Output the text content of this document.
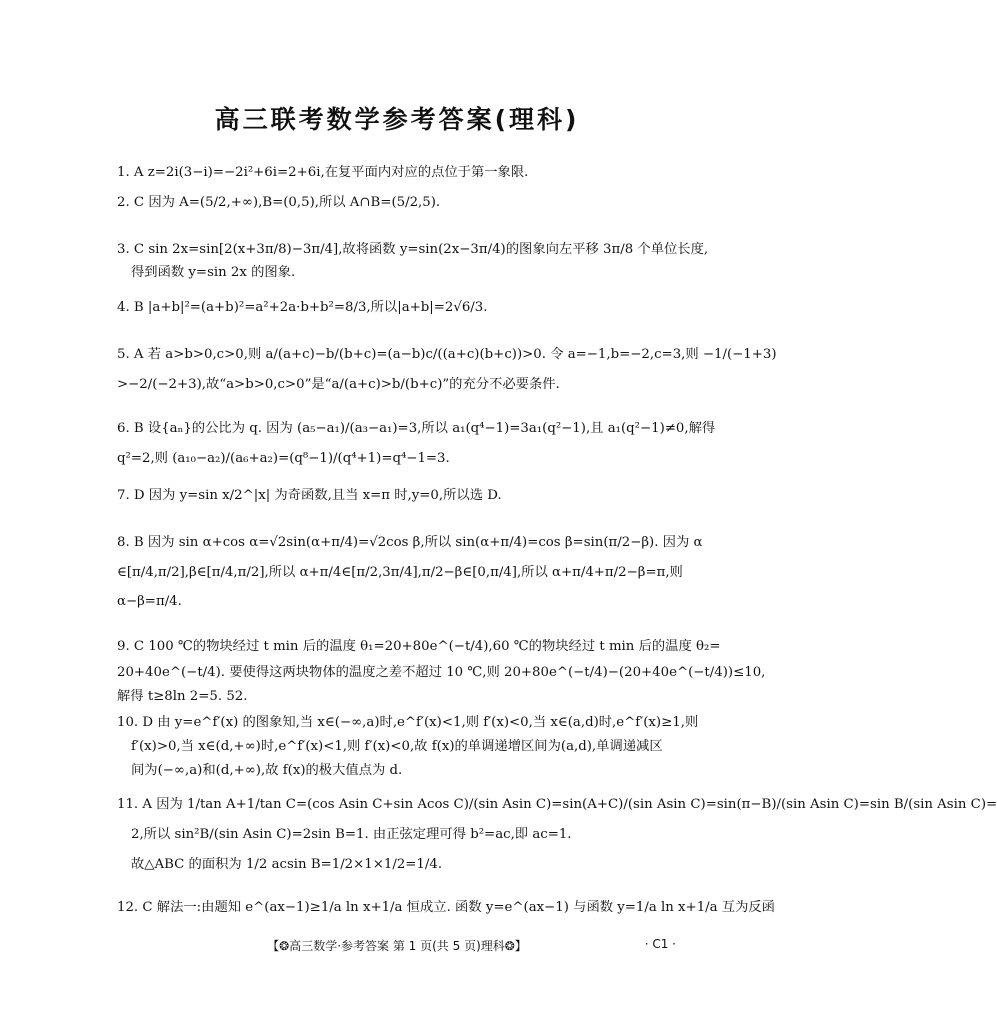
高三联考数学参考答案(理科)
1. A z=2i(3−i)=−2i²+6i=2+6i,在复平面内对应的点位于第一象限.
2. C 因为 A=(5/2,+∞),B=(0,5),所以 A∩B=(5/2,5).
3. C sin 2x=sin[2(x+3π/8)−3π/4],故将函数 y=sin(2x−3π/4)的图象向左平移 3π/8 个单位长度,
得到函数 y=sin 2x 的图象.
4. B |a+b|²=(a+b)²=a²+2a·b+b²=8/3,所以|a+b|=2√6/3.
5. A 若 a>b>0,c>0,则 a/(a+c)−b/(b+c)=(a−b)c/((a+c)(b+c))>0. 令 a=−1,b=−2,c=3,则 −1/(−1+3)
>−2/(−2+3),故“a>b>0,c>0”是“a/(a+c)>b/(b+c)”的充分不必要条件.
6. B 设{aₙ}的公比为 q. 因为 (a₅−a₁)/(a₃−a₁)=3,所以 a₁(q⁴−1)=3a₁(q²−1),且 a₁(q²−1)≠0,解得
q²=2,则 (a₁₀−a₂)/(a₆+a₂)=(q⁸−1)/(q⁴+1)=q⁴−1=3.
7. D 因为 y=sin x/2^|x| 为奇函数,且当 x=π 时,y=0,所以选 D.
8. B 因为 sin α+cos α=√2sin(α+π/4)=√2cos β,所以 sin(α+π/4)=cos β=sin(π/2−β). 因为 α
∈[π/4,π/2],β∈[π/4,π/2],所以 α+π/4∈[π/2,3π/4],π/2−β∈[0,π/4],所以 α+π/4+π/2−β=π,则
α−β=π/4.
9. C 100 ℃的物块经过 t min 后的温度 θ₁=20+80e^(−t/4),60 ℃的物块经过 t min 后的温度 θ₂=
20+40e^(−t/4). 要使得这两块物体的温度之差不超过 10 ℃,则 20+80e^(−t/4)−(20+40e^(−t/4))≤10,
解得 t≥8ln 2=5. 52.
10. D 由 y=e^f′(x) 的图象知,当 x∈(−∞,a)时,e^f′(x)<1,则 f′(x)<0,当 x∈(a,d)时,e^f′(x)≥1,则
f′(x)>0,当 x∈(d,+∞)时,e^f′(x)<1,则 f′(x)<0,故 f(x)的单调递增区间为(a,d),单调递减区
间为(−∞,a)和(d,+∞),故 f(x)的极大值点为 d.
11. A 因为 1/tan A+1/tan C=(cos Asin C+sin Acos C)/(sin Asin C)=sin(A+C)/(sin Asin C)=sin(π−B)/(sin Asin C)=sin B/(sin Asin C)=
2,所以 sin²B/(sin Asin C)=2sin B=1. 由正弦定理可得 b²=ac,即 ac=1.
故△ABC 的面积为 1/2 acsin B=1/2×1×1/2=1/4.
12. C 解法一:由题知 e^(ax−1)≥1/a ln x+1/a 恒成立. 函数 y=e^(ax−1) 与函数 y=1/a ln x+1/a 互为反函
【❂高三数学·参考答案 第 1 页(共 5 页)理科❂】	· C1 ·
